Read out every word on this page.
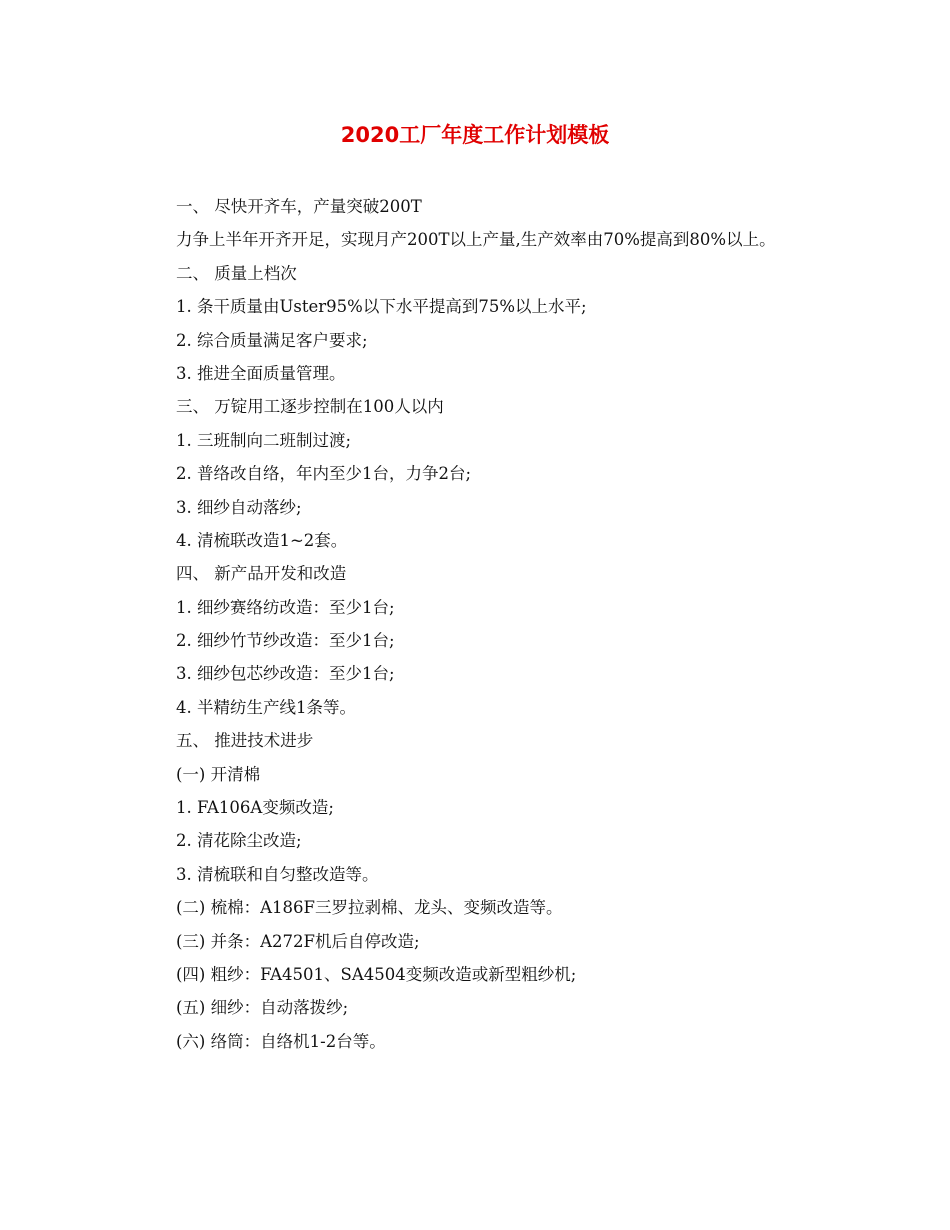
2020工厂年度工作计划模板

一、 尽快开齐车，产量突破200T

力争上半年开齐开足，实现月产200T以上产量,生产效率由70%提高到80%以上。

二、 质量上档次

1. 条干质量由Uster95%以下水平提高到75%以上水平;

2. 综合质量满足客户要求;

3. 推进全面质量管理。

三、 万锭用工逐步控制在100人以内

1. 三班制向二班制过渡;

2. 普络改自络，年内至少1台，力争2台;

3. 细纱自动落纱;

4. 清梳联改造1~2套。

四、 新产品开发和改造

1. 细纱赛络纺改造：至少1台;

2. 细纱竹节纱改造：至少1台;

3. 细纱包芯纱改造：至少1台;

4. 半精纺生产线1条等。

五、 推进技术进步

(一) 开清棉

1. FA106A变频改造;

2. 清花除尘改造;

3. 清梳联和自匀整改造等。

(二) 梳棉：A186F三罗拉剥棉、龙头、变频改造等。

(三) 并条：A272F机后自停改造;

(四) 粗纱：FA4501、SA4504变频改造或新型粗纱机;

(五) 细纱：自动落拨纱;

(六) 络筒：自络机1-2台等。
